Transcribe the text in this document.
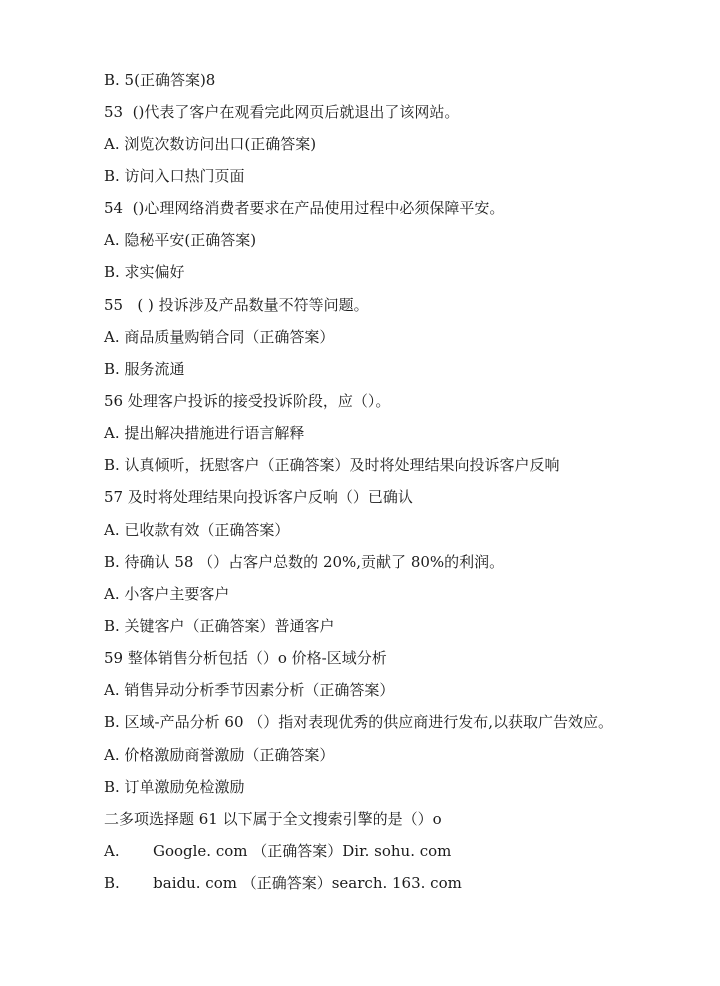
B. 5(正确答案)8

53  ()代表了客户在观看完此网页后就退出了该网站。

A. 浏览次数访问出口(正确答案)

B. 访问入口热门页面

54  ()心理网络消费者要求在产品使用过程中必须保障平安。

A. 隐秘平安(正确答案)

B. 求实偏好

55   ( ) 投诉涉及产品数量不符等问题。

A. 商品质量购销合同（正确答案）

B. 服务流通

56 处理客户投诉的接受投诉阶段，应（）。

A. 提出解决措施进行语言解释

B. 认真倾听，抚慰客户（正确答案）及时将处理结果向投诉客户反响

57 及时将处理结果向投诉客户反响（）已确认

A. 已收款有效（正确答案）

B. 待确认 58 （）占客户总数的 20%,贡献了 80%的利润。

A. 小客户主要客户

B. 关键客户（正确答案）普通客户

59 整体销售分析包括（）o 价格-区域分析

A. 销售异动分析季节因素分析（正确答案）

B. 区域-产品分析 60 （）指对表现优秀的供应商进行发布,以获取广告效应。

A. 价格激励商誉激励（正确答案）

B. 订单激励免检激励

二多项选择题 61 以下属于全文搜索引擎的是（）o

A.       Google. com （正确答案）Dir. sohu. com

B.       baidu. com （正确答案）search. 163. com
